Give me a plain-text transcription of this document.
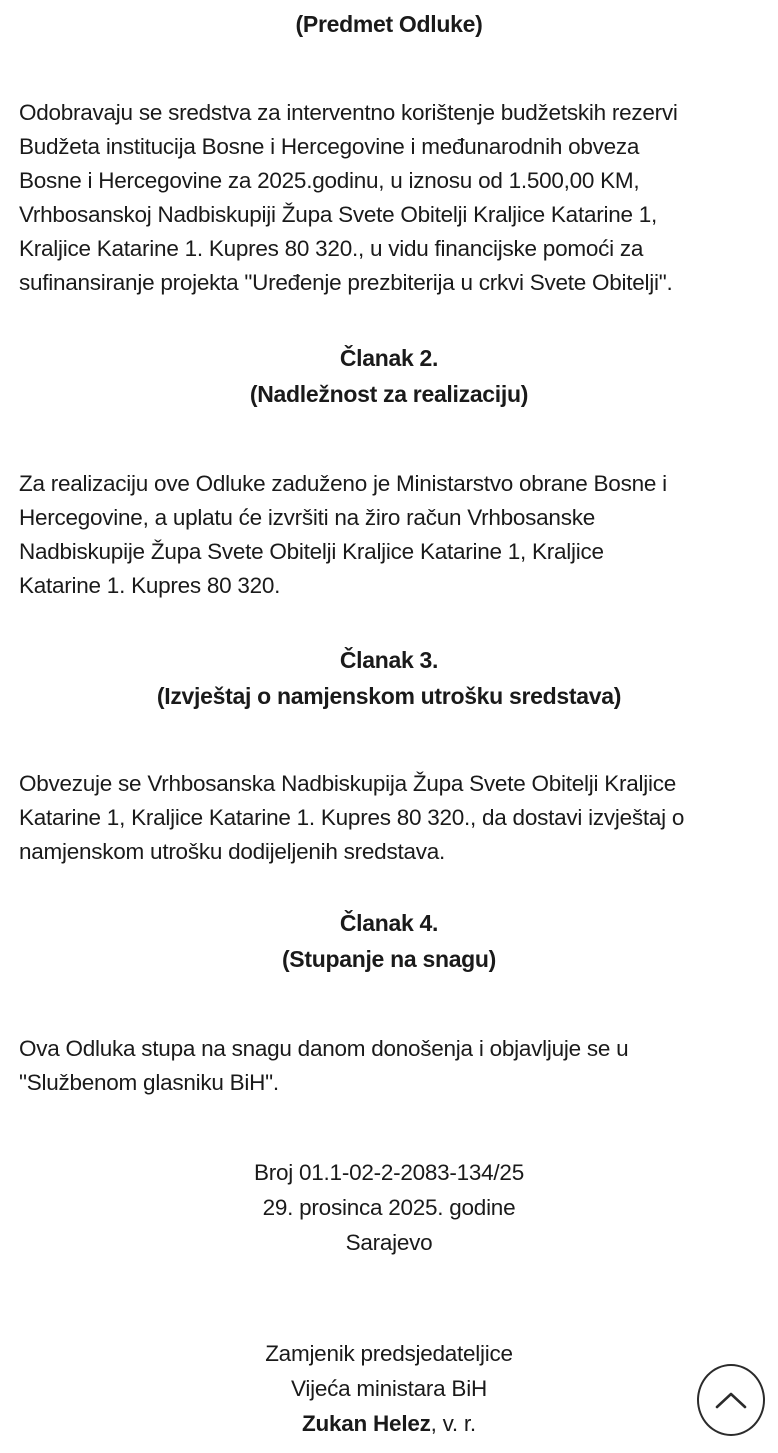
(Predmet Odluke)
Odobravaju se sredstva za interventno korištenje budžetskih rezervi
Budžeta institucija Bosne i Hercegovine i međunarodnih obveza
Bosne i Hercegovine za 2025.godinu, u iznosu od 1.500,00 KM,
Vrhbosanskoj Nadbiskupiji Župa Svete Obitelji Kraljice Katarine 1,
Kraljice Katarine 1. Kupres 80 320., u vidu financijske pomoći za
sufinansiranje projekta "Uređenje prezbiterija u crkvi Svete Obitelji".
Članak 2.
(Nadležnost za realizaciju)
Za realizaciju ove Odluke zaduženo je Ministarstvo obrane Bosne i
Hercegovine, a uplatu će izvršiti na žiro račun Vrhbosanske
Nadbiskupije Župa Svete Obitelji Kraljice Katarine 1, Kraljice
Katarine 1. Kupres 80 320.
Članak 3.
(Izvještaj o namjenskom utrošku sredstava)
Obvezuje se Vrhbosanska Nadbiskupija Župa Svete Obitelji Kraljice
Katarine 1, Kraljice Katarine 1. Kupres 80 320., da dostavi izvještaj o
namjenskom utrošku dodijeljenih sredstava.
Članak 4.
(Stupanje na snagu)
Ova Odluka stupa na snagu danom donošenja i objavljuje se u
"Službenom glasniku BiH".
Broj 01.1-02-2-2083-134/25
29. prosinca 2025. godine
Sarajevo
Zamjenik predsjedateljice
Vijeća ministara BiH
Zukan Helez, v. r.
